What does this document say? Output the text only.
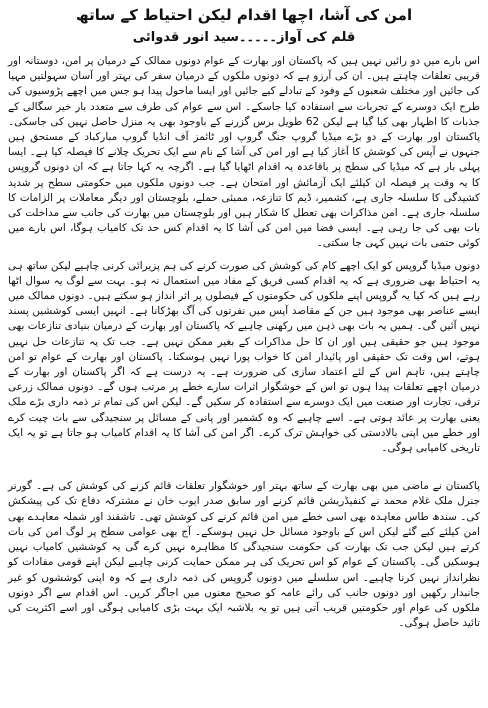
امن کی آشا، اچھا اقدام لیکن احتیاط کے ساتھ
قلم کی آواز۔۔۔۔۔سید انور قدوائی

اس بارے میں دو رائیں نہیں ہیں کہ پاکستان اور بھارت کے عوام دونوں ممالک کے درمیان پر امن، دوستانہ اور قریبی تعلقات چاہتے ہیں۔ ان کی آرزو ہے کہ دونوں ملکوں کے درمیان سفر کی بہتر اور آسان سہولتیں مہیا کی جائیں اور مختلف شعبوں کے وفود کے تبادلے کیے جائیں اور ایسا ماحول پیدا ہو جس میں اچھے پڑوسیوں کی طرح ایک دوسرے کے تجربات سے استفادہ کیا جاسکے۔ اس سے عوام کی طرف سے متعدد بار خیر سگالی کے جذبات کا اظہار بھی کیا گیا ہے لیکن 62 طویل برس گزرنے کے باوجود بھی یہ منزل حاصل نہیں کی جاسکی۔ پاکستان اور بھارت کے دو بڑے میڈیا گروپ جنگ گروپ اور ٹائمز آف انڈیا گروپ مبارکباد کے مستحق ہیں جنہوں نے آپس کی کوشش کا آغاز کیا ہے اور امن کی آشا کے نام سے ایک تحریک چلانے کا فیصلہ کیا ہے۔ ایسا پہلی بار ہے کہ میڈیا کی سطح پر باقاعدہ یہ اقدام اٹھایا گیا ہے۔ اگرچہ یہ کہا جاتا ہے کہ ان دونوں گروپس کا یہ وقت پر فیصلہ ان کیلئے ایک آزمائش اور امتحان ہے۔ جب دونوں ملکوں میں حکومتی سطح پر شدید کشیدگی کا سلسلہ جاری ہے، کشمیر، ڈیم کا تنازعہ، ممبئی حملے، بلوچستان اور دیگر معاملات پر الزامات کا سلسلہ جاری ہے۔ امن مذاکرات بھی تعطل کا شکار ہیں اور بلوچستان میں بھارت کی جانب سے مداخلت کی بات بھی کی جا رہی ہے۔ ایسی فضا میں امن کی آشا کا یہ اقدام کس حد تک کامیاب ہوگا، اس بارے میں کوئی حتمی بات نہیں کہی جا سکتی۔

دونوں میڈیا گروپس کو ایک اچھے کام کی کوشش کی صورت کرنے کی ہم پزیرائی کرنی چاہیے لیکن ساتھ ہی یہ احتیاط بھی ضروری ہے کہ یہ اقدام کسی فریق کے مفاد میں استعمال نہ ہو۔ بہت سے لوگ یہ سوال اٹھا رہے ہیں کہ کیا یہ گروپس اپنے ملکوں کی حکومتوں کے فیصلوں پر اثر انداز ہو سکتے ہیں۔ دونوں ممالک میں ایسے عناصر بھی موجود ہیں جن کے مقاصد آپس میں نفرتوں کی آگ بھڑکانا ہے۔ انہیں ایسی کوششیں پسند نہیں آئیں گی۔ ہمیں یہ بات بھی ذہن میں رکھنی چاہیے کہ پاکستان اور بھارت کے درمیان بنیادی تنازعات بھی موجود ہیں جو حقیقی ہیں اور ان کا حل مذاکرات کے بغیر ممکن نہیں ہے۔ جب تک یہ تنازعات حل نہیں ہوتے، اس وقت تک حقیقی اور پائیدار امن کا خواب پورا نہیں ہوسکتا۔ پاکستان اور بھارت کے عوام تو امن چاہتے ہیں، تاہم اس کے لئے اعتماد سازی کی ضرورت ہے۔ یہ درست ہے کہ اگر پاکستان اور بھارت کے درمیان اچھے تعلقات پیدا ہوں تو اس کے خوشگوار اثرات سارے خطے پر مرتب ہوں گے۔ دونوں ممالک زرعی ترقی، تجارت اور صنعت میں ایک دوسرے سے استفادہ کر سکیں گے۔ لیکن اس کی تمام تر ذمہ داری بڑے ملک یعنی بھارت پر عائد ہوتی ہے۔ اسے چاہیے کہ وہ کشمیر اور پانی کے مسائل پر سنجیدگی سے بات چیت کرے اور خطے میں اپنی بالادستی کی خواہش ترک کرے۔ اگر امن کی آشا کا یہ اقدام کامیاب ہو جاتا ہے تو یہ ایک تاریخی کامیابی ہوگی۔

پاکستان نے ماضی میں بھی بھارت کے ساتھ بہتر اور خوشگوار تعلقات قائم کرنے کی کوشش کی ہے۔ گورنر جنرل ملک غلام محمد نے کنفیڈریشن قائم کرنے اور سابق صدر ایوب خان نے مشترکہ دفاع تک کی پیشکش کی۔ سندھ طاس معاہدہ بھی اسی خطے میں امن قائم کرنے کی کوشش تھی۔ تاشقند اور شملہ معاہدے بھی امن کیلئے کیے گئے لیکن اس کے باوجود مسائل حل نہیں ہوسکے۔ آج بھی عوامی سطح پر لوگ امن کی بات کرتے ہیں لیکن جب تک بھارت کی حکومت سنجیدگی کا مظاہرہ نہیں کرے گی یہ کوششیں کامیاب نہیں ہوسکیں گی۔ پاکستان کے عوام کو اس تحریک کی ہر ممکن حمایت کرنی چاہیے لیکن اپنے قومی مفادات کو نظرانداز نہیں کرنا چاہیے۔ اس سلسلے میں دونوں گروپس کی ذمہ داری ہے کہ وہ اپنی کوششوں کو غیر جانبدار رکھیں اور دونوں جانب کی رائے عامہ کو صحیح معنوں میں اجاگر کریں۔ اس اقدام سے اگر دونوں ملکوں کی عوام اور حکومتیں قریب آتی ہیں تو یہ بلاشبہ ایک بہت بڑی کامیابی ہوگی اور اسے اکثریت کی تائید حاصل ہوگی۔
